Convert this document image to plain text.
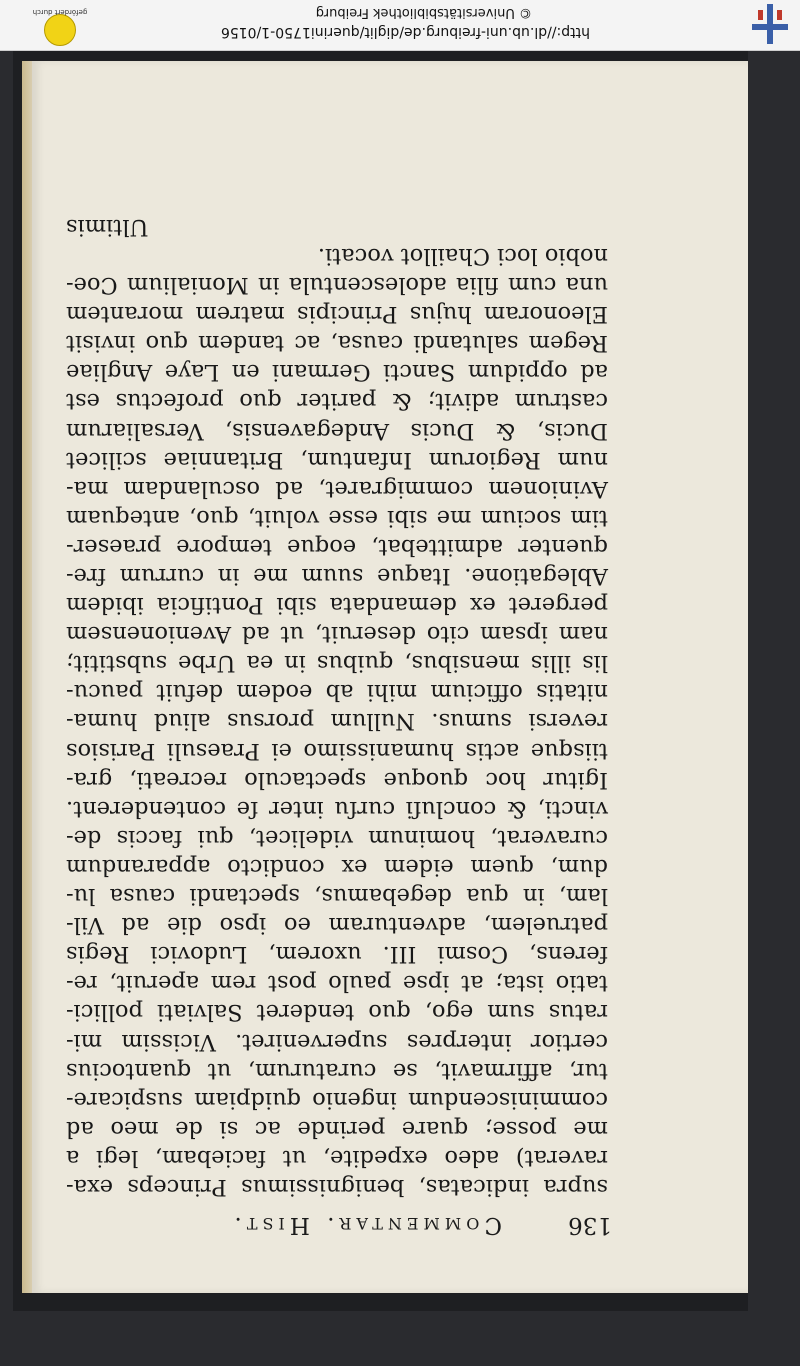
136
Commentar. Hist.
supra indicatas, benignissimus Princeps exa-
raverat) adeo expedite, ut faciebam, legi a
me posse; quare perinde ac si de meo ad
comminiscendum ingenio quidpiam suspicare-
tur, affirmavit, se curaturum, ut quantocius
certior interpres superveniret. Vicissim mi-
ratus sum ego, quo tenderet Salviati pollici-
tatio ista; at ipse paulo post rem aperuit, re-
ferens, Cosmi III. uxorem, Ludovici Regis
patruelem, adventuram eo ipso die ad Vil-
lam, in qua degebamus, spectandi causa lu-
dum, quem eidem ex condicto apparandum
curaverat, hominum videlicet, qui faccis de-
vincti, & concluſi curſu inter ſe contenderent.
Igitur hoc quoque spectaculo recreati, gra-
tiisque actis humanissimo ei Praesuli Parisios
reversi sumus. Nullum prorsus aliud huma-
nitatis officium mihi ab eodem defuit paucu-
lis illis mensibus, quibus in ea Urbe substitit;
nam ipsam cito deseruit, ut ad Avenionensem
pergeret ex demandata sibi Pontificia ibidem
Ablegatione. Itaque suum me in currum fre-
quenter admittebat, eoque tempore praeser-
tim socium me sibi esse voluit, quo, antequam
Avinionem commigraret, ad osculandam ma-
num Regiorum Infantum, Britanniae scilicet
Ducis, & Ducis Andegavensis, Versaliarum
castrum adivit; & pariter quo profectus est
ad oppidum Sancti Germani en Laye Angliae
Regem salutandi causa, ac tandem quo invisit
Eleonoram hujus Principis matrem morantem
una cum filia adolescentula in Monialium Coe-
nobio loci Chaillot vocati.
Ultimis
http://dl.ub.uni-freiburg.de/diglit/querini1750-1/0156
© Universitätsbibliothek Freiburg
gefördert durch
